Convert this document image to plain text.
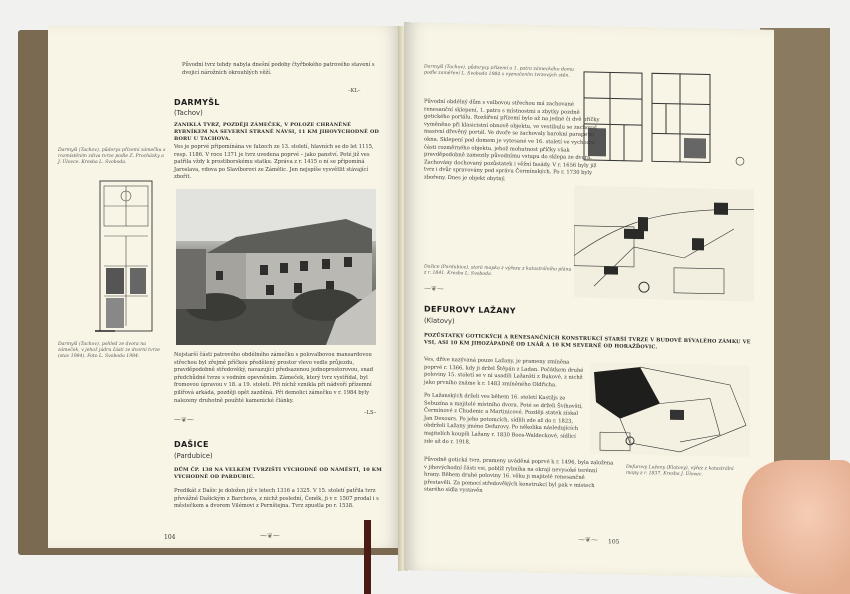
Původní tvrz tehdy nabyla dnešní podoby čtyřbokého patrového stavení s dvojicí nárožních okrouhlých věží.
–KL–
DARMYŠL
(Tachov)
ZANIKLÁ TVRZ, POZDĚJI ZÁMEČEK, V POLOZE CHRÁNĚNÉ RYBNÍKEM NA SEVERNÍ STRANĚ NÁVSI, 11 KM JIHOVÝCHODNĚ OD BORU U TACHOVA.
Ves je poprvé připomínána ve falzech ze 13. století, hlavních se do let 1115, resp. 1186. V roce 1371 je tvrz uvedena poprvé – jako panství. Poté již ves patřila vždy k prostiborskému statku. Zpráva z r. 1415 o ní se připomíná Jaroslava, vdova po Slavíborovi ze Zámělic. Jen nejspíše vysvětlit stávající zbořit.
Darmyšl (Tachov), půdorys přízemí zámečku s rozmístěním zdiva tvrze podle Z. Procházky a J. Úlovce. Kresba L. Svoboda.
Darmyšl (Tachov), pohled ze dvora na zámeček, v jehož jádru části ze dvorní tvrze (stav 1984). Foto L. Svoboda 1984.	Nejstarší části patrového obdélného zámečku s polovalbovou mansardovou střechou byl zřejmě příčkou předělený prostor vlevo vedle průjezdu, pravděpodobně středověký, navazující předsazenou jednoprostorovou, snad předchůdné tvrze s vodním opevněním. Zámeček, který tvrz vystřídal, byl fromovou úpravou v 18. a 19. století. Při níchž vznikla při nádvoří přízemní pilířová arkáda, později opět zazděná. Při demolici zámečku v r. 1984 byly nalezeny druhotně použité kamenické články.
–LS–
⁓❦⁓
DAŠICE
(Pardubice)
DŮM ČP. 138 NA VELKÉM TVRZIŠTI VÝCHODNĚ OD NÁMĚSTÍ, 10 KM VÝCHODNĚ OD PARDUBIC.
Predikát z Dašic je doložen již v letech 1316 a 1325. V 15. století patřila tvrz převážně Dašickým z Barchova, z nichž poslední, Čeněk, ji v r. 1507 prodal i s městečkem a dvorem Vilémovi z Pernštejna. Tvrz zpustla po r. 1538.
104	⁓❦⁓
Darmyšl (Tachov), půdorysy přízemí a 1. patra zámeckého domu podle zaměření L. Svoboda 1984 s vyznačením tvrzových stěn.
Původní obdélný dům s valbovou střechou má zachované renesanční sklepení, 1. patro s místnostmi a zbytky pozdně gotického portálu. Rozšíření přízemí bylo až na jedné či dvě příčky vyměněno při klasicistní obnově objektu, ve vestibulu se zachoval masivní dřevěný portál. Ve dvoře se zachovaly barokní parapetní okna. Sklepení pod domem je vytesané ve 16. století ve vychodní části rozměrného objektu, jehož mohutnost příčky však pravděpodobně zamezily původnímu vstupu do sklepa ze dvora. Zachovány dochovaný pozůstatek i věžní fasády. V r. 1656 byly již tvrz i dvůr spravovány pod správu Čermínských. Po r. 1730 byly zbořeny. Dnes je objekt obytný.
Dašice (Pardubice), stará mapka z výřezu z katastrálního plánu z r. 1841. Kresba L. Svoboda.
⁓❦⁓
DEFUROVY LAŽANY
(Klatovy)
POZŮSTATKY GOTICKÝCH A RENESANČNÍCH KONSTRUKCÍ STARŠÍ TVRZE V BUDOVĚ BÝVALÉHO ZÁMKU VE VSI, ASI 10 KM JIHOZÁPADNĚ OD LNÁŘ A 10 KM SEVERNĚ OD HORAŽĎOVIC.
Ves, dříve nazývaná pouze Lažany, je prameny zmíněna poprvé r. 1366, kdy ji držel Štěpán z Ladan. Počátkem druhé poloviny 15. století se v ní usadili Lažanští z Bukové, z nichž jako prvního známe k r. 1483 zmíněného Oldřicha.
Po Lažanských drželi ves během 16. století Kastiljs ze Sebuzína a majitelé místního dvora. Poté se drželi Švihovští, Čermínové z Chudenic a Martinicové. Později statek získal Jan Dexours. Po jeho potomcích, sídlili zde až do r. 1823, obdrželi Lažany jméno Defurovy. Po několika následujících majitelích koupili Lažany r. 1830 Boos-Waldeckové, sídlící zde až do r. 1918.
Defurovy Lažany (Klatovy), výřez z katastrální mapy z r. 1837. Kresba J. Úlovec.
Původně gotická tvrz, prameny uváděná poprvé k r. 1496, byla založena v jihovýchodní části vsi, poblíž rybníka na okraji nevysoké terénní hrany. Během druhé poloviny 16. věku ji majitelé renesančně přestavěli. Za pomocí středověkých konstrukcí byl pak v místech starého sídla vystavěn
⁓❦⁓ 105
